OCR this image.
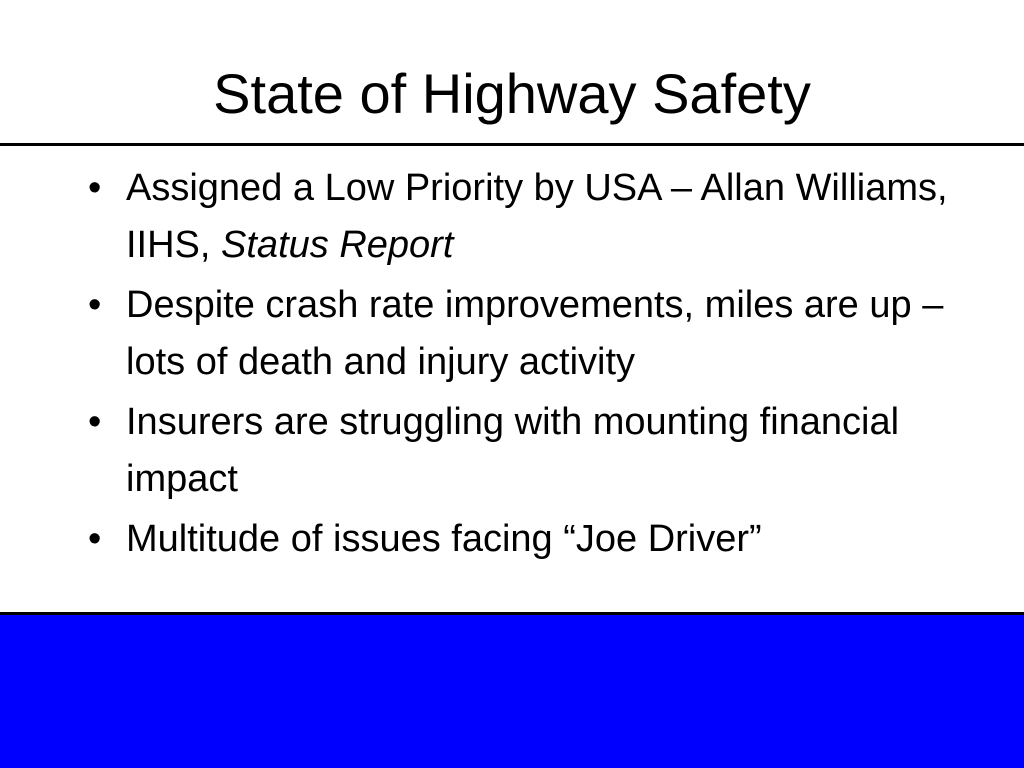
State of Highway Safety
• Assigned a Low Priority by USA – Allan Williams, IIHS, Status Report
• Despite crash rate improvements, miles are up – lots of death and injury activity
• Insurers are struggling with mounting financial impact
• Multitude of issues facing “Joe Driver”
